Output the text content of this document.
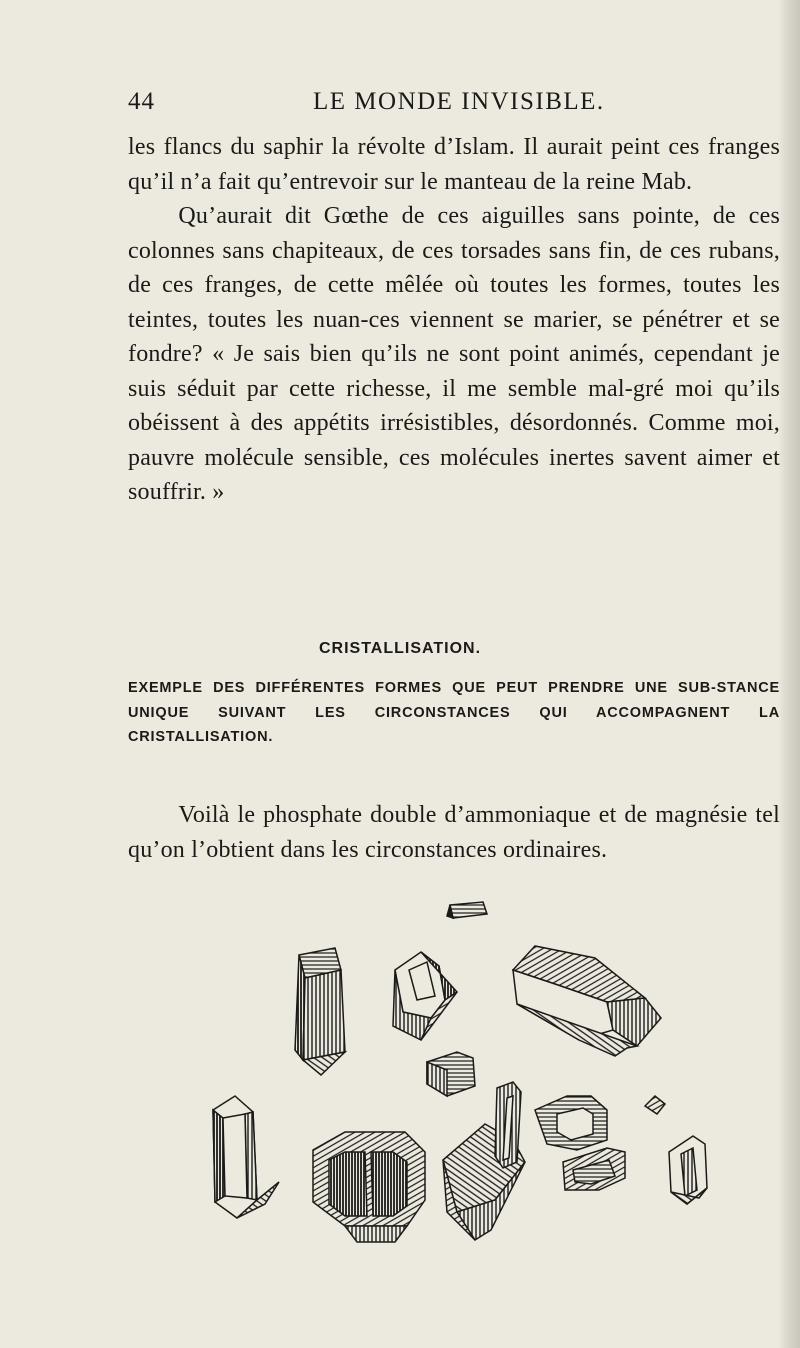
44	LE MONDE INVISIBLE.

les flancs du saphir la révolte d’Islam. Il aurait peint ces franges qu’il n’a fait qu’entrevoir sur le manteau de la reine Mab.

Qu’aurait dit Gœthe de ces aiguilles sans pointe, de ces colonnes sans chapiteaux, de ces torsades sans fin, de ces rubans, de ces franges, de cette mêlée où toutes les formes, toutes les teintes, toutes les nuan-ces viennent se marier, se pénétrer et se fondre? « Je sais bien qu’ils ne sont point animés, cependant je suis séduit par cette richesse, il me semble mal-gré moi qu’ils obéissent à des appétits irrésistibles, désordonnés. Comme moi, pauvre molécule sensible, ces molécules inertes savent aimer et souffrir. »

CRISTALLISATION.
EXEMPLE DES DIFFÉRENTES FORMES QUE PEUT PRENDRE UNE SUB-STANCE UNIQUE SUIVANT LES CIRCONSTANCES QUI ACCOMPAGNENT LA CRISTALLISATION.

Voilà le phosphate double d’ammoniaque et de magnésie tel qu’on l’obtient dans les circonstances ordinaires.
